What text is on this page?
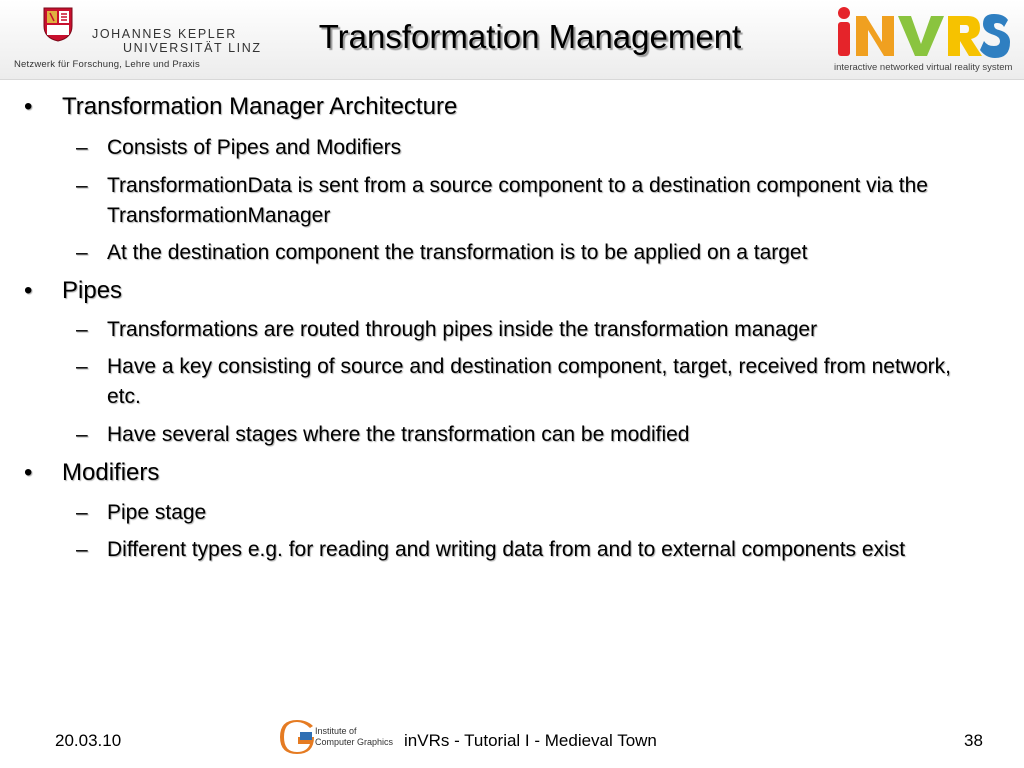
JOHANNES KEPLER
UNIVERSITÄT LINZ
Netzwerk für Forschung, Lehre und Praxis
Transformation Management
interactive networked virtual reality system
• Transformation Manager Architecture
– Consists of Pipes and Modifiers
– TransformationData is sent from a source component to a destination component via the TransformationManager
– At the destination component the transformation is to be applied on a target
• Pipes
– Transformations are routed through pipes inside the transformation manager
– Have a key consisting of source and destination component, target, received from network, etc.
– Have several stages where the transformation can be modified
• Modifiers
– Pipe stage
– Different types e.g. for reading and writing data from and to external components exist
20.03.10	Institute of
Computer Graphics inVRs - Tutorial I - Medieval Town	38
